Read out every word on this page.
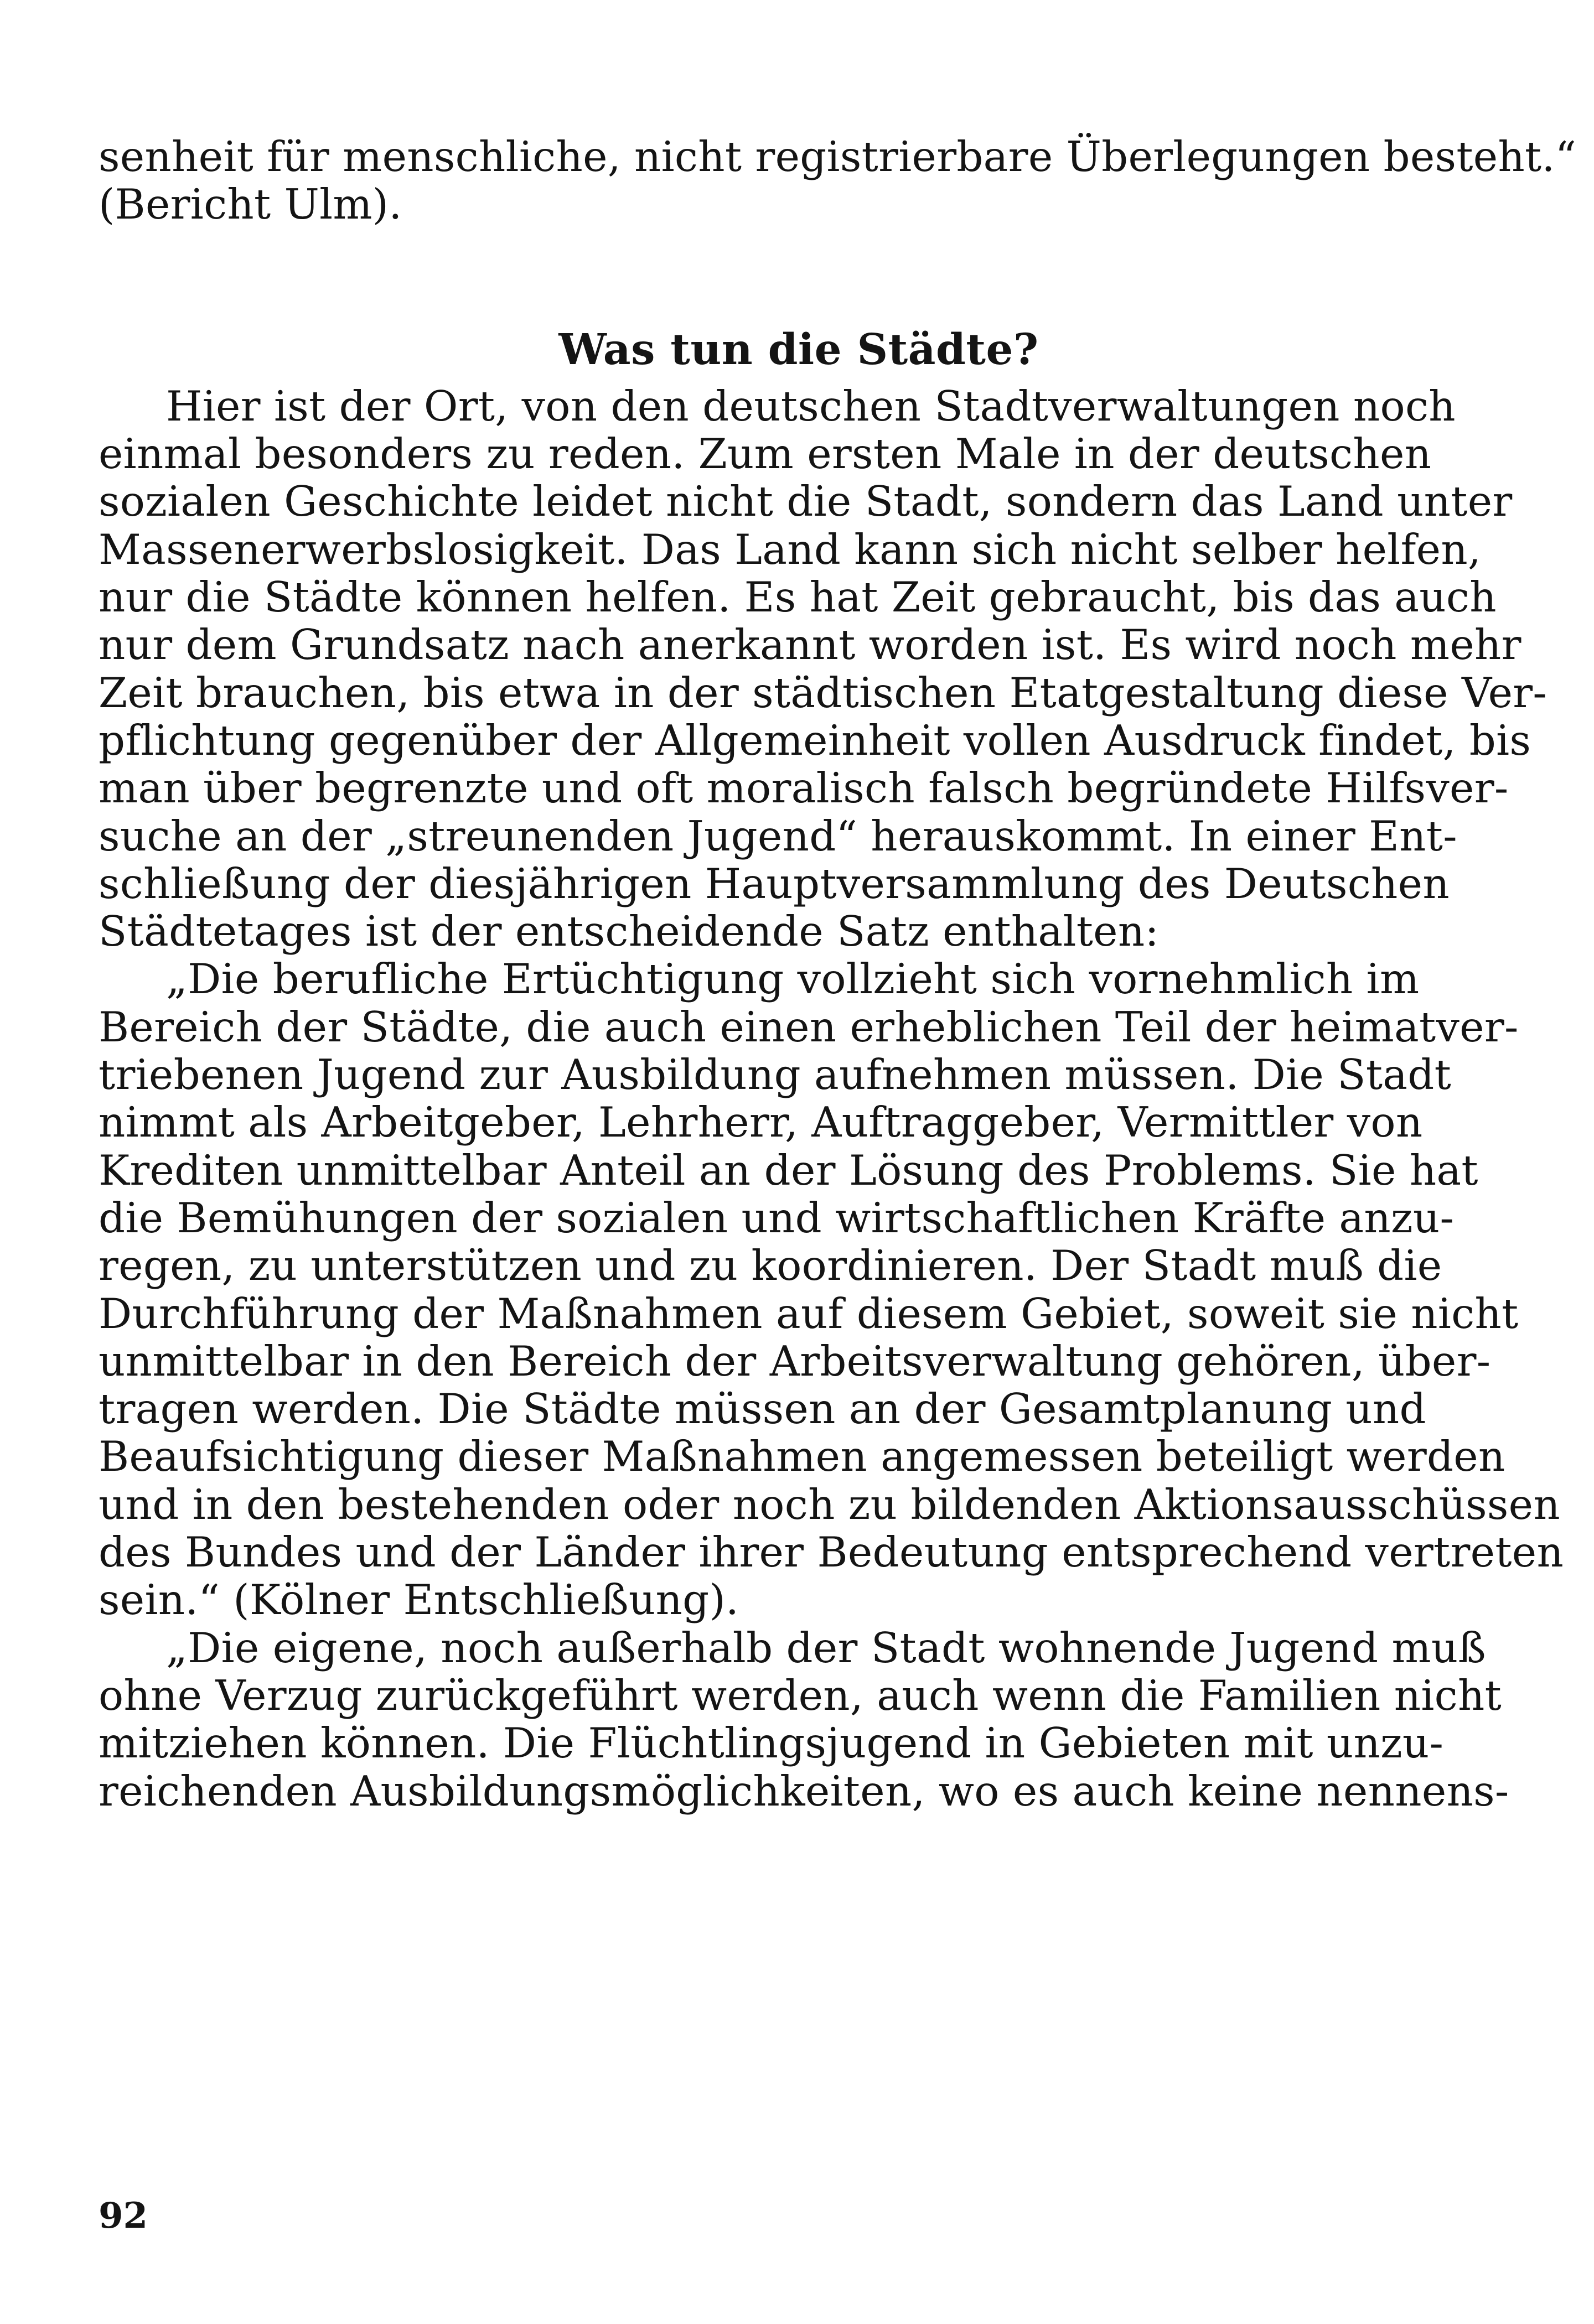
senheit für menschliche, nicht registrierbare Überlegungen besteht.“
(Bericht Ulm).
Was tun die Städte?
Hier ist der Ort, von den deutschen Stadtverwaltungen noch
einmal besonders zu reden. Zum ersten Male in der deutschen
sozialen Geschichte leidet nicht die Stadt, sondern das Land unter
Massenerwerbslosigkeit. Das Land kann sich nicht selber helfen,
nur die Städte können helfen. Es hat Zeit gebraucht, bis das auch
nur dem Grundsatz nach anerkannt worden ist. Es wird noch mehr
Zeit brauchen, bis etwa in der städtischen Etatgestaltung diese Ver-
pflichtung gegenüber der Allgemeinheit vollen Ausdruck findet, bis
man über begrenzte und oft moralisch falsch begründete Hilfsver-
suche an der „streunenden Jugend“ herauskommt. In einer Ent-
schließung der diesjährigen Hauptversammlung des Deutschen
Städtetages ist der entscheidende Satz enthalten:
„Die berufliche Ertüchtigung vollzieht sich vornehmlich im
Bereich der Städte, die auch einen erheblichen Teil der heimatver-
triebenen Jugend zur Ausbildung aufnehmen müssen. Die Stadt
nimmt als Arbeitgeber, Lehrherr, Auftraggeber, Vermittler von
Krediten unmittelbar Anteil an der Lösung des Problems. Sie hat
die Bemühungen der sozialen und wirtschaftlichen Kräfte anzu-
regen, zu unterstützen und zu koordinieren. Der Stadt muß die
Durchführung der Maßnahmen auf diesem Gebiet, soweit sie nicht
unmittelbar in den Bereich der Arbeitsverwaltung gehören, über-
tragen werden. Die Städte müssen an der Gesamtplanung und
Beaufsichtigung dieser Maßnahmen angemessen beteiligt werden
und in den bestehenden oder noch zu bildenden Aktionsausschüssen
des Bundes und der Länder ihrer Bedeutung entsprechend vertreten
sein.“ (Kölner Entschließung).
„Die eigene, noch außerhalb der Stadt wohnende Jugend muß
ohne Verzug zurückgeführt werden, auch wenn die Familien nicht
mitziehen können. Die Flüchtlingsjugend in Gebieten mit unzu-
reichenden Ausbildungsmöglichkeiten, wo es auch keine nennens-
92
